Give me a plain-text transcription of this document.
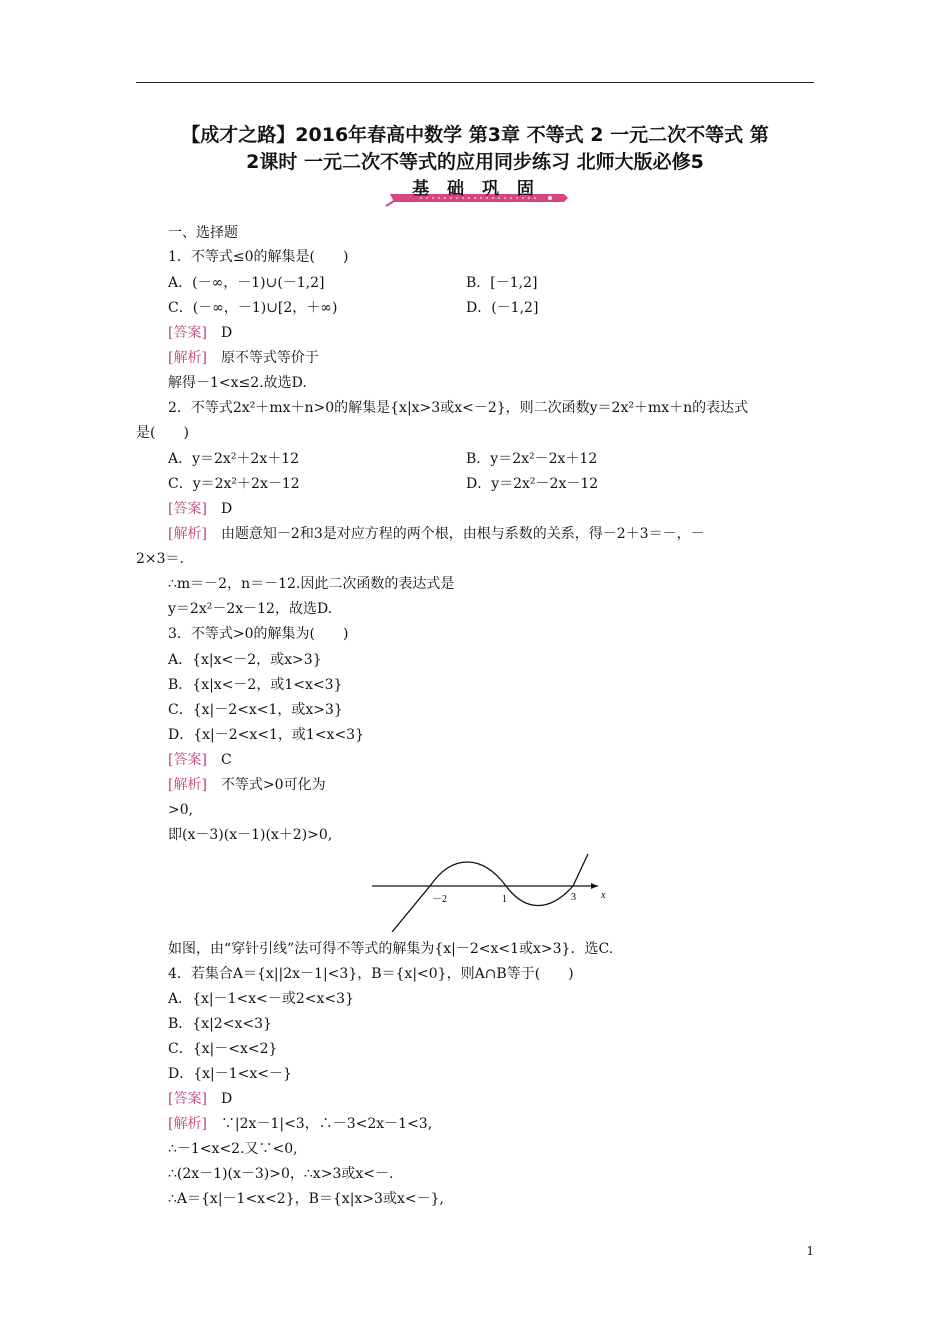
【成才之路】2016年春高中数学 第3章 不等式 2 一元二次不等式 第
2课时 一元二次不等式的应用同步练习 北师大版必修5
基 础 巩 固
一、选择题
1．不等式≤0的解集是(　　)
A．(－∞，－1)∪(－1,2]	B．[－1,2]
C．(－∞，－1)∪[2，＋∞)	D．(－1,2]
[答案]　 D
[解析]　 原不等式等价于
解得－1<x≤2.故选D.
2．不等式2x²＋mx＋n>0的解集是{x|x>3或x<－2}，则二次函数y＝2x²＋mx＋n的表达式
是(　　)
A．y＝2x²＋2x＋12	B．y＝2x²－2x＋12
C．y＝2x²＋2x－12	D．y＝2x²－2x－12
[答案]　 D
[解析]　 由题意知－2和3是对应方程的两个根，由根与系数的关系，得－2＋3＝－，－
2×3＝.
∴m＝－2，n＝－12.因此二次函数的表达式是
y＝2x²－2x－12，故选D.
3．不等式>0的解集为(　　)
A．{x|x<－2，或x>3}
B．{x|x<－2，或1<x<3}
C．{x|－2<x<1，或x>3}
D．{x|－2<x<1，或1<x<3}
[答案]　 C
[解析]　 不等式>0可化为
>0,
即(x－3)(x－1)(x＋2)>0,
－2	1	3	x
如图，由“穿针引线”法可得不等式的解集为{x|－2<x<1或x>3}．选C.
4．若集合A＝{x||2x－1|<3}，B＝{x|<0}，则A∩B等于(　　)
A．{x|－1<x<－或2<x<3}
B．{x|2<x<3}
C．{x|－<x<2}
D．{x|－1<x<－}
[答案]　 D
[解析]　 ∵|2x－1|<3，∴－3<2x－1<3,
∴－1<x<2.又∵<0,
∴(2x－1)(x－3)>0，∴x>3或x<－.
∴A＝{x|－1<x<2}，B＝{x|x>3或x<－},
1
